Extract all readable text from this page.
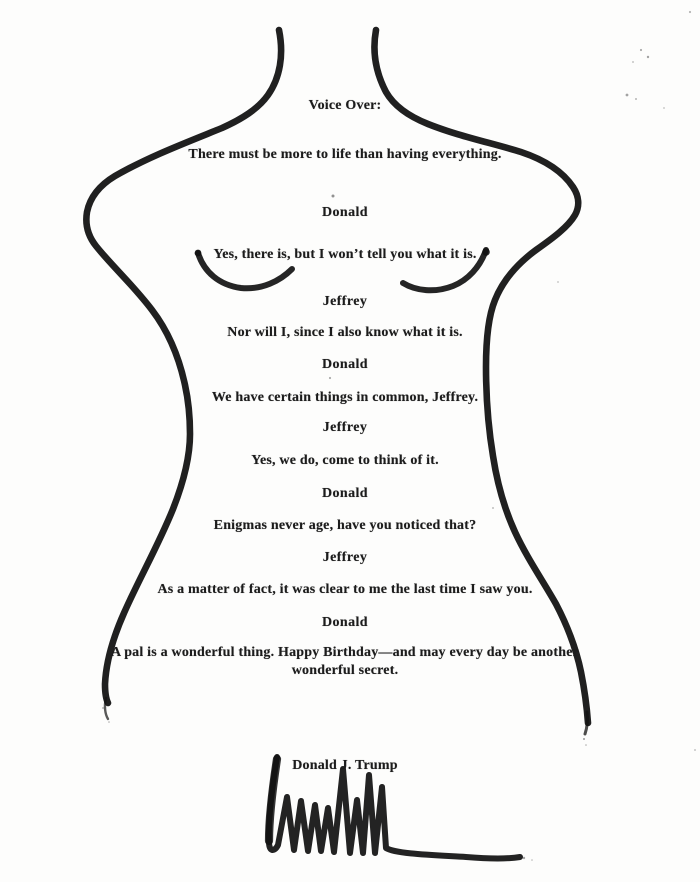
Voice Over:
There must be more to life than having everything.
Donald
Yes, there is, but I won’t tell you what it is.
Jeffrey
Nor will I, since I also know what it is.
Donald
We have certain things in common, Jeffrey.
Jeffrey
Yes, we do, come to think of it.
Donald
Enigmas never age, have you noticed that?
Jeffrey
As a matter of fact, it was clear to me the last time I saw you.
Donald
A pal is a wonderful thing. Happy Birthday—and may every day be another
wonderful secret.
Donald J. Trump
